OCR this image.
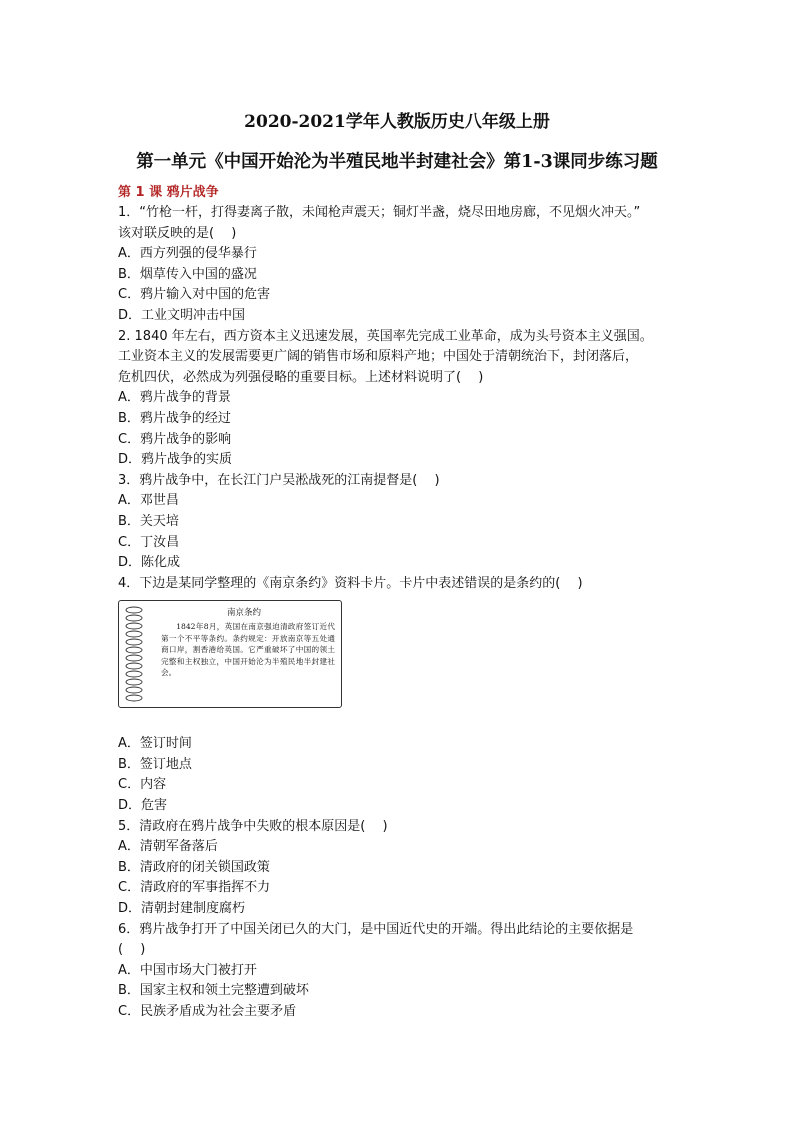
2020-2021学年人教版历史八年级上册
第一单元《中国开始沦为半殖民地半封建社会》第1-3课同步练习题
第 1 课 鸦片战争
1．“竹枪一杆，打得妻离子散，未闻枪声震天；铜灯半盏，烧尽田地房廊，不见烟火冲天。”
该对联反映的是(　 )
A．西方列强的侵华暴行
B．烟草传入中国的盛况
C．鸦片输入对中国的危害
D．工业文明冲击中国
2. 1840 年左右，西方资本主义迅速发展，英国率先完成工业革命，成为头号资本主义强国。
工业资本主义的发展需要更广阔的销售市场和原料产地；中国处于清朝统治下，封闭落后，
危机四伏，必然成为列强侵略的重要目标。上述材料说明了(　 )
A．鸦片战争的背景
B．鸦片战争的经过
C．鸦片战争的影响
D．鸦片战争的实质
3．鸦片战争中，在长江门户吴淞战死的江南提督是(　 )
A．邓世昌
B．关天培
C．丁汝昌
D．陈化成
4．下边是某同学整理的《南京条约》资料卡片。卡片中表述错误的是条约的(　 )
南京条约
1842年8月，英国在南京强迫清政府签订近代第一个不平等条约。条约规定：开放南京等五处通商口岸，割香港给英国。它严重破坏了中国的领土完整和主权独立，中国开始沦为半殖民地半封建社会。
A．签订时间
B．签订地点
C．内容
D．危害
5．清政府在鸦片战争中失败的根本原因是(　 )
A．清朝军备落后
B．清政府的闭关锁国政策
C．清政府的军事指挥不力
D．清朝封建制度腐朽
6．鸦片战争打开了中国关闭已久的大门，是中国近代史的开端。得出此结论的主要依据是
(　 )
A．中国市场大门被打开
B．国家主权和领土完整遭到破坏
C．民族矛盾成为社会主要矛盾
